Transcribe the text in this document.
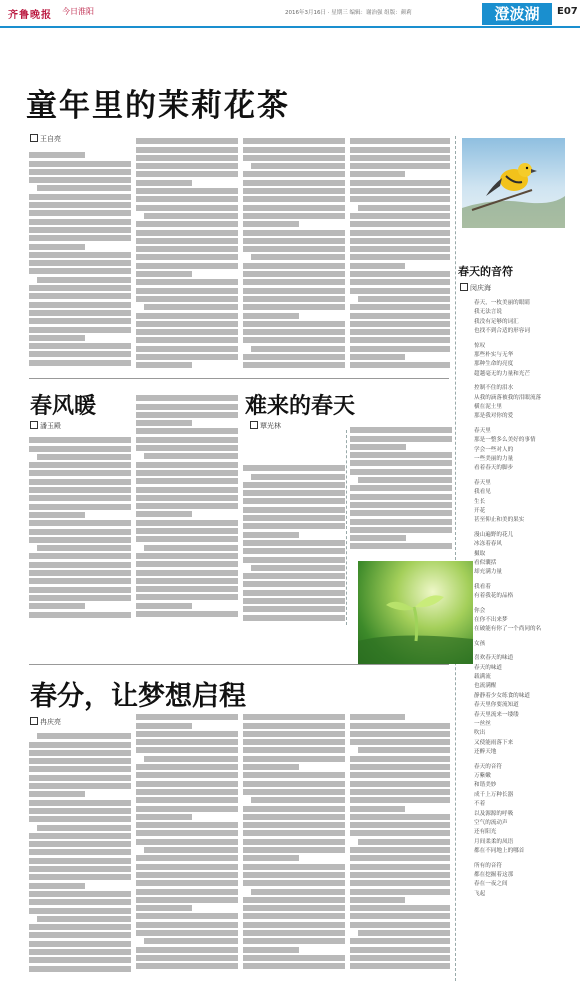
齐鲁晚报 今日淮阳	2016年3月16日 · 星期三 编辑：谢治强 组版：颜莉	澄波湖	E07
童年里的茉莉花茶
王自亮
春天的音符
闵庆海
春天，一枚美丽的眼睛
我无法言说
我没有足够的词汇
也找不到合适的形容词
惊叹
那些朴实与无华
那种生命的亮度
超越毫无的力量和光芒
控制不住的泪水
从我的滴落被我的泪眼流落
横在泥土里
那是我对你的爱
春天里
那是一整多么美好的事情
学会一些对人的
一些美丽的力量
看着春天的脚步
春天里
我看见
生长
开花
甚至仰止和美的果实
漫山遍野的花儿
冰冻着春风
摄取
看似囊括
却充满力量
我看着
有着我花的品格
你会
在你不出来梦
在破能有你了一个尚同的名
女孩
喜欢春天的味道
春天的味道
载满流
也流满醒
静静着少女练食的味道
春天里你要流知道
春天里流来一缕缕
一丝丝
吹出
又使能雨落下来
还醉天地
春天的音符
万紫嫩
和谐美妙
成千上万种长器
不着
以及源源的呼吸
空气的流动声
还有阳光
月间柔柔的凤语
都在不同地上的哪首
所有的音符
都在挖掘着这那
春在一夜之间
飞起
春风暖
潘玉殿
难来的春天
覃光林
春分，让梦想启程
冉庆亮
